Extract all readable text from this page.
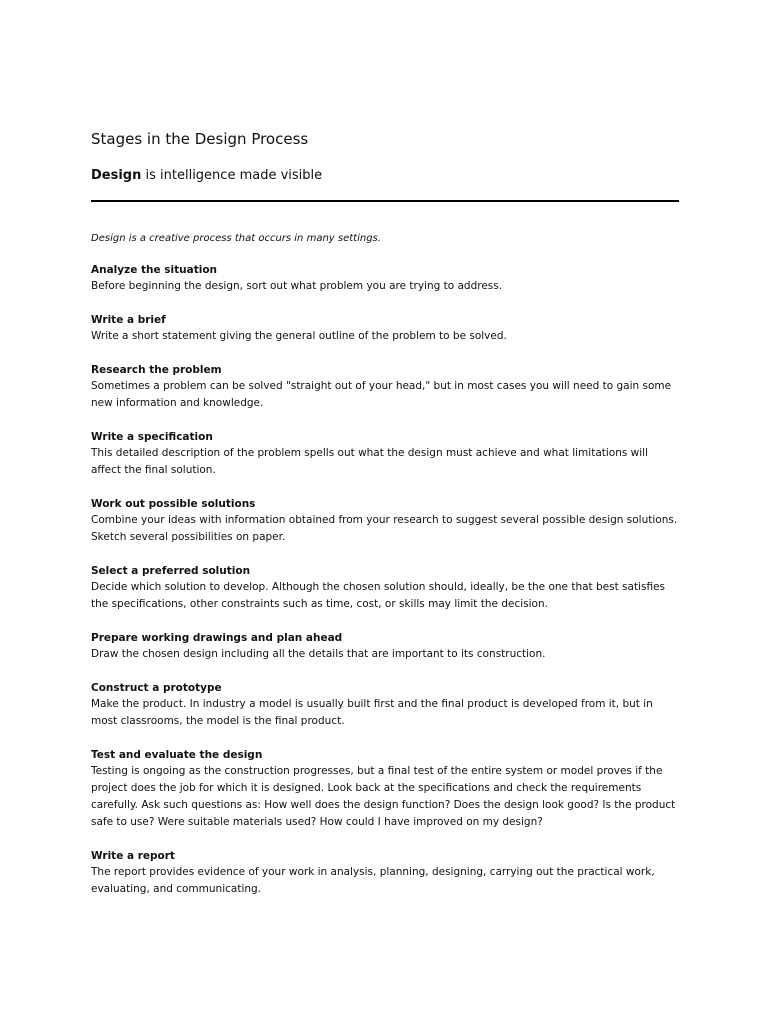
Stages in the Design Process
Design is intelligence made visible
Design is a creative process that occurs in many settings.
Analyze the situation
Before beginning the design, sort out what problem you are trying to address.
Write a brief
Write a short statement giving the general outline of the problem to be solved.
Research the problem
Sometimes a problem can be solved "straight out of your head," but in most cases you will need to gain some new information and knowledge.
Write a specification
This detailed description of the problem spells out what the design must achieve and what limitations will affect the final solution.
Work out possible solutions
Combine your ideas with information obtained from your research to suggest several possible design solutions. Sketch several possibilities on paper.
Select a preferred solution
Decide which solution to develop. Although the chosen solution should, ideally, be the one that best satisfies the specifications, other constraints such as time, cost, or skills may limit the decision.
Prepare working drawings and plan ahead
Draw the chosen design including all the details that are important to its construction.
Construct a prototype
Make the product. In industry a model is usually built first and the final product is developed from it, but in most classrooms, the model is the final product.
Test and evaluate the design
Testing is ongoing as the construction progresses, but a final test of the entire system or model proves if the project does the job for which it is designed. Look back at the specifications and check the requirements carefully. Ask such questions as: How well does the design function? Does the design look good? Is the product safe to use? Were suitable materials used? How could I have improved on my design?
Write a report
The report provides evidence of your work in analysis, planning, designing, carrying out the practical work, evaluating, and communicating.
